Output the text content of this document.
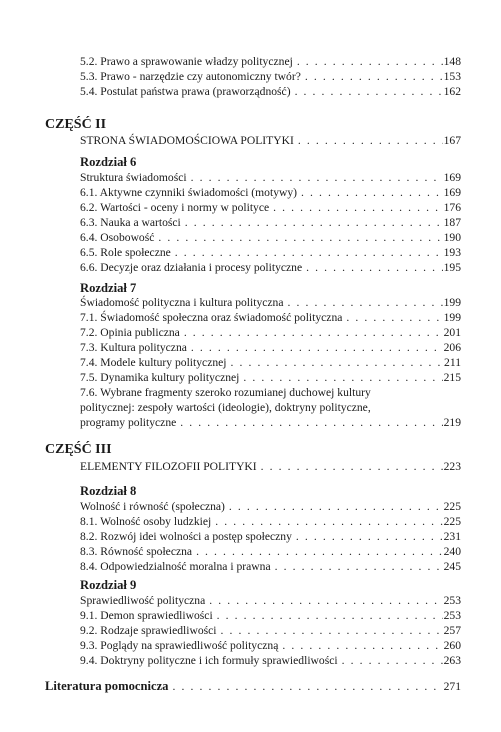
5.2. Prawo a sprawowanie władzy politycznej . . .	148
5.3. Prawo - narzędzie czy autonomiczny twór? . . .	153
5.4. Postulat państwa prawa (praworządność) . . .	162
CZĘŚĆ II
STRONA ŚWIADOMOŚCIOWA POLITYKI . . .	167
Rozdział 6
Struktura świadomości . . .	169
6.1. Aktywne czynniki świadomości (motywy) . . .	169
6.2. Wartości - oceny i normy w polityce . . .	176
6.3. Nauka a wartości . . .	187
6.4. Osobowość . . .	190
6.5. Role społeczne . . .	193
6.6. Decyzje oraz działania i procesy polityczne . . .	195
Rozdział 7
Świadomość polityczna i kultura polityczna . . .	199
7.1. Świadomość społeczna oraz świadomość polityczna . . .	199
7.2. Opinia publiczna . . .	201
7.3. Kultura polityczna . . .	206
7.4. Modele kultury politycznej . . .	211
7.5. Dynamika kultury politycznej . . .	215
7.6. Wybrane fragmenty szeroko rozumianej duchowej kultury
politycznej: zespoły wartości (ideologie), doktryny polityczne,
programy polityczne . . .	219
CZĘŚĆ III
ELEMENTY FILOZOFII POLITYKI . . .	223
Rozdział 8
Wolność i równość (społeczna) . . .	225
8.1. Wolność osoby ludzkiej . . .	225
8.2. Rozwój idei wolności a postęp społeczny . . .	231
8.3. Równość społeczna . . .	240
8.4. Odpowiedzialność moralna i prawna . . .	245
Rozdział 9
Sprawiedliwość polityczna . . .	253
9.1. Demon sprawiedliwości . . .	253
9.2. Rodzaje sprawiedliwości . . .	257
9.3. Poglądy na sprawiedliwość polityczną . . .	260
9.4. Doktryny polityczne i ich formuły sprawiedliwości . . .	263
Literatura pomocnicza . . .	271
